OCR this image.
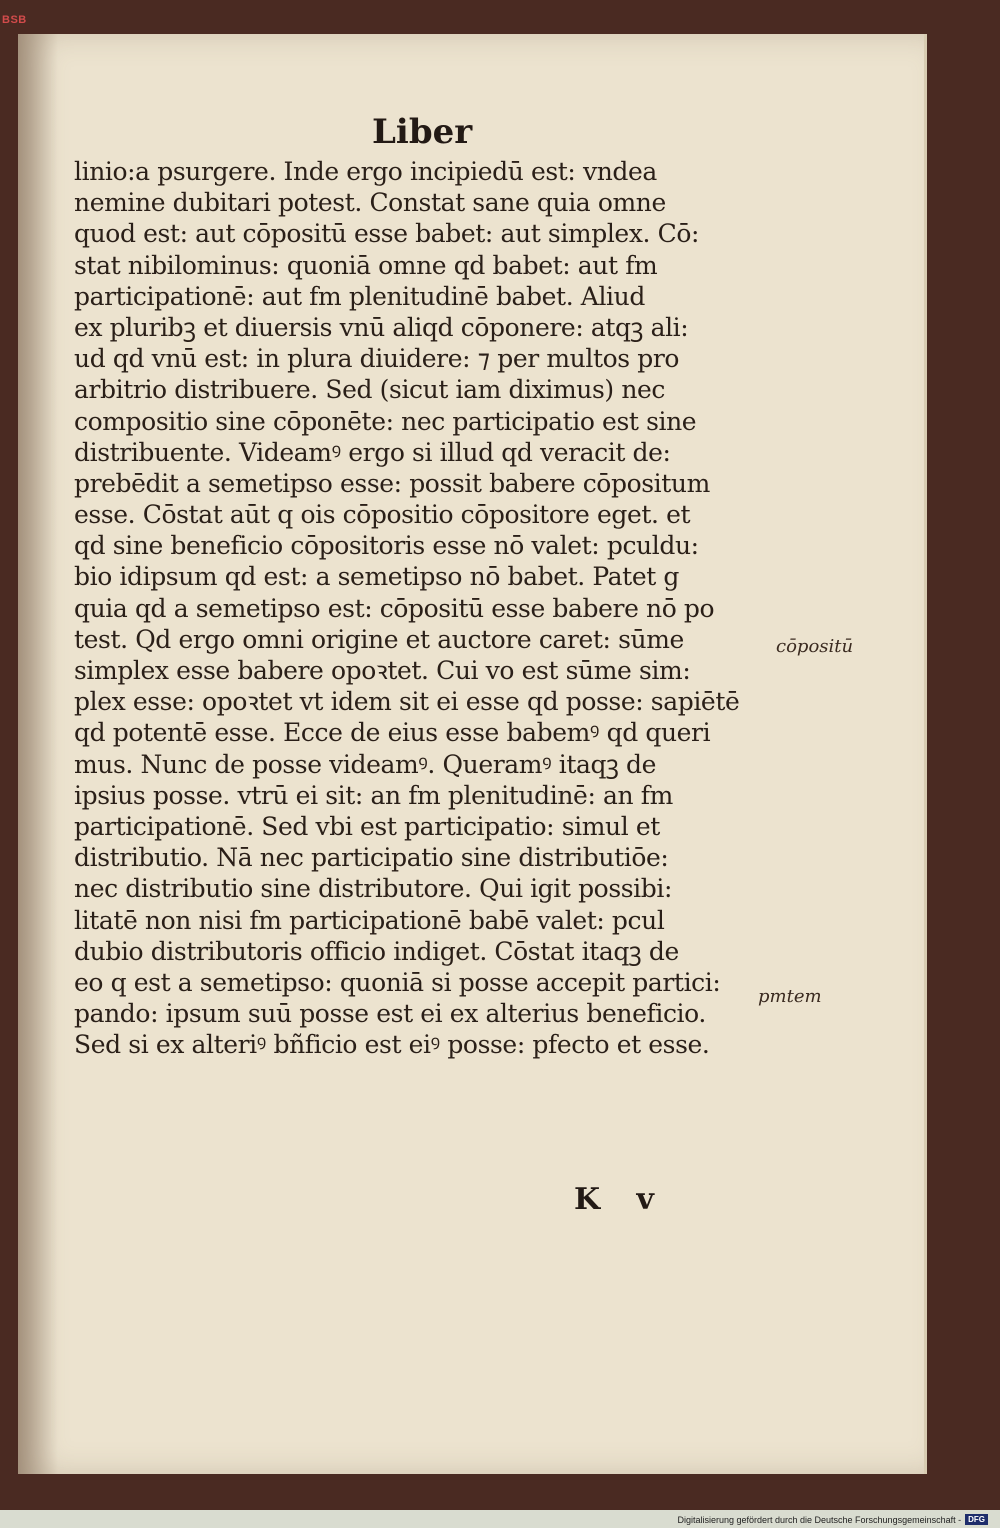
BSB
Liber
linio:a psurgere. Inde ergo incipiedū est: vndea
nemine dubitari potest. Constat sane quia omne
quod est: aut cōpositū esse babet: aut simplex. Cō:
stat nibilominus: quoniā omne qd babet: aut fm
participationē: aut fm plenitudinē babet. Aliud
ex pluribꝫ et diuersis vnū aliqd cōponere: atqꝫ ali:
ud qd vnū est: in plura diuidere: ⁊ per multos pro
arbitrio distribuere. Sed (sicut iam diximus) nec
compositio sine cōponēte: nec participatio est sine
distribuente. Videamꝰ ergo si illud qd veracit de:
prebēdit a semetipso esse: possit babere cōpositum
esse. Cōstat aūt q ois cōpositio cōpositore eget. et
qd sine beneficio cōpositoris esse nō valet: pculdu:
bio idipsum qd est: a semetipso nō babet. Patet g
quia qd a semetipso est: cōpositū esse babere nō po
test. Qd ergo omni origine et auctore caret: sūme
simplex esse babere opoꝛtet. Cui vo est sūme sim:
plex esse: opoꝛtet vt idem sit ei esse qd posse: sapiētē
qd potentē esse. Ecce de eius esse babemꝰ qd queri
mus. Nunc de posse videamꝰ. Queramꝰ itaqꝫ de
ipsius posse. vtrū ei sit: an fm plenitudinē: an fm
participationē. Sed vbi est participatio: simul et
distributio. Nā nec participatio sine distributiōe:
nec distributio sine distributore. Qui igit possibi:
litatē non nisi fm participationē babē valet: pcul
dubio distributoris officio indiget. Cōstat itaqꝫ de
eo q est a semetipso: quoniā si posse accepit partici:
pando: ipsum suū posse est ei ex alterius beneficio.
Sed si ex alteriꝰ bñficio est eiꝰ posse: pfecto et esse.
cōpositū
pmtem
K v
Digitalisierung gefördert durch die Deutsche Forschungsgemeinschaft - DFG
